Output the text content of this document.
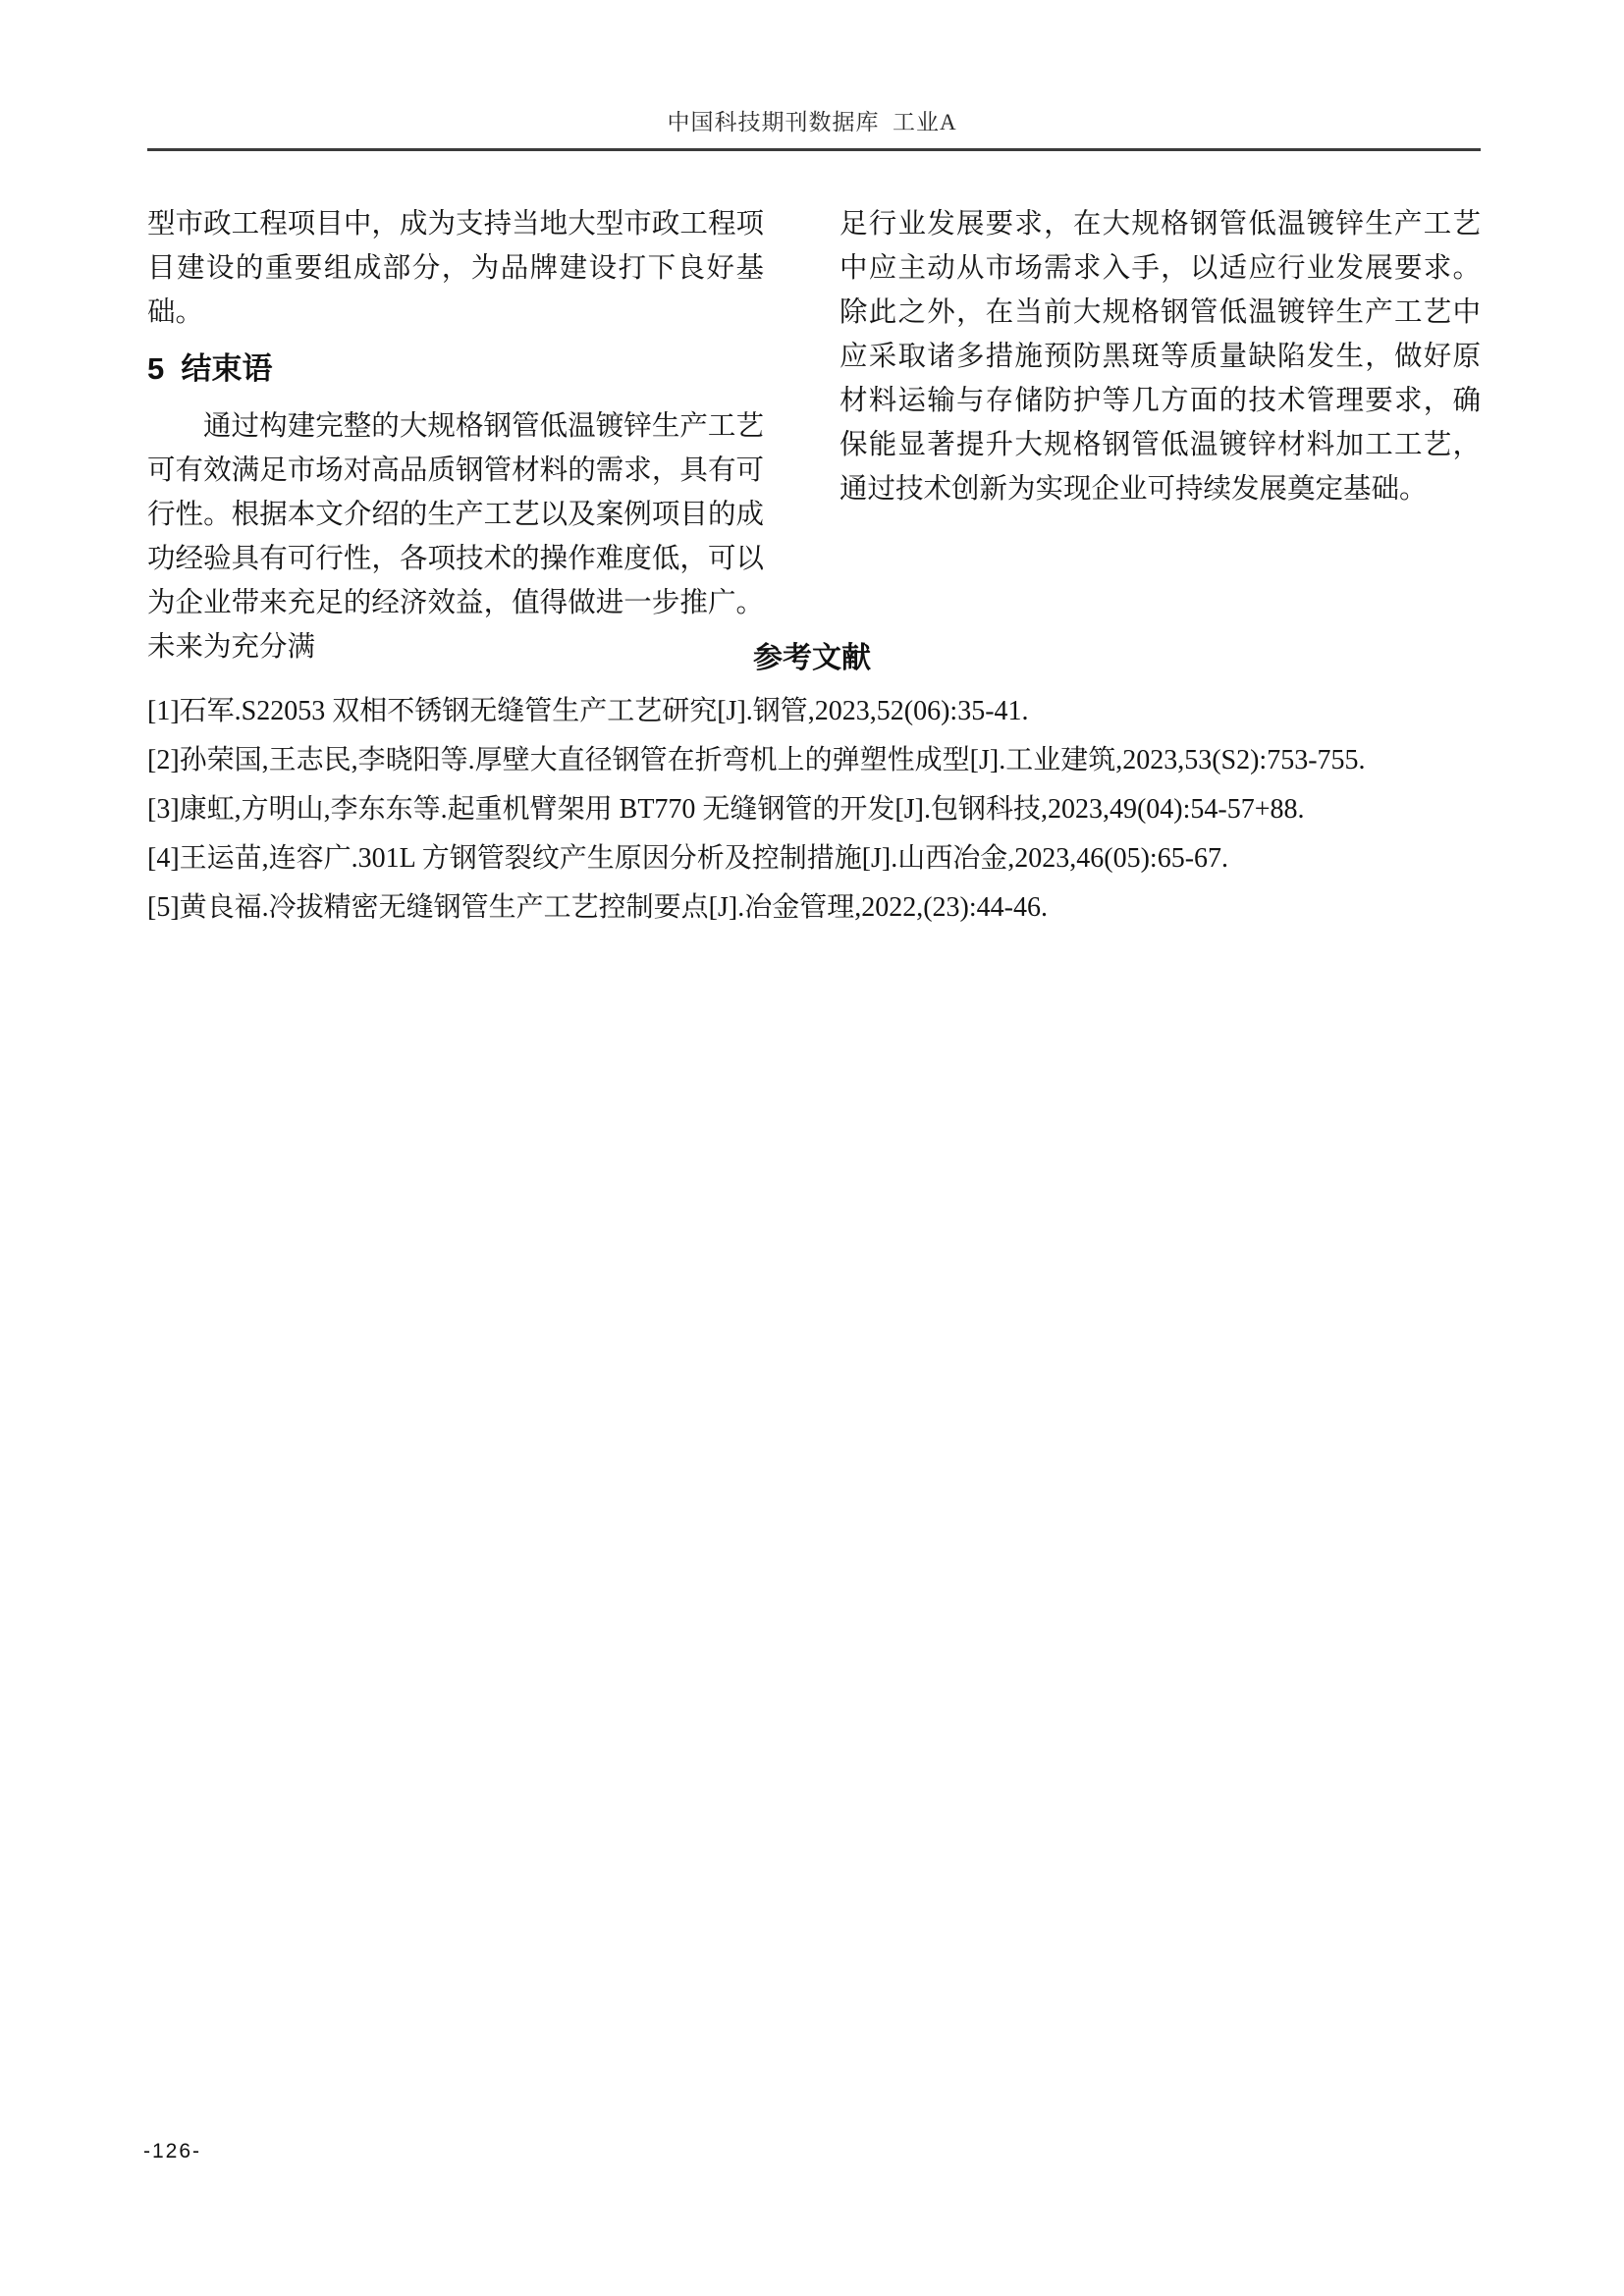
中国科技期刊数据库  工业A

型市政工程项目中，成为支持当地大型市政工程项目建设的重要组成部分，为品牌建设打下良好基础。

5  结束语

通过构建完整的大规格钢管低温镀锌生产工艺可有效满足市场对高品质钢管材料的需求，具有可行性。根据本文介绍的生产工艺以及案例项目的成功经验具有可行性，各项技术的操作难度低，可以为企业带来充足的经济效益，值得做进一步推广。未来为充分满

足行业发展要求，在大规格钢管低温镀锌生产工艺中应主动从市场需求入手，以适应行业发展要求。除此之外，在当前大规格钢管低温镀锌生产工艺中应采取诸多措施预防黑斑等质量缺陷发生，做好原材料运输与存储防护等几方面的技术管理要求，确保能显著提升大规格钢管低温镀锌材料加工工艺，通过技术创新为实现企业可持续发展奠定基础。

参考文献

[1]石军.S22053 双相不锈钢无缝管生产工艺研究[J].钢管,2023,52(06):35-41.

[2]孙荣国,王志民,李晓阳等.厚壁大直径钢管在折弯机上的弹塑性成型[J].工业建筑,2023,53(S2):753-755.

[3]康虹,方明山,李东东等.起重机臂架用 BT770 无缝钢管的开发[J].包钢科技,2023,49(04):54-57+88.

[4]王运苗,连容广.301L 方钢管裂纹产生原因分析及控制措施[J].山西冶金,2023,46(05):65-67.

[5]黄良福.冷拔精密无缝钢管生产工艺控制要点[J].冶金管理,2022,(23):44-46.

-126-
